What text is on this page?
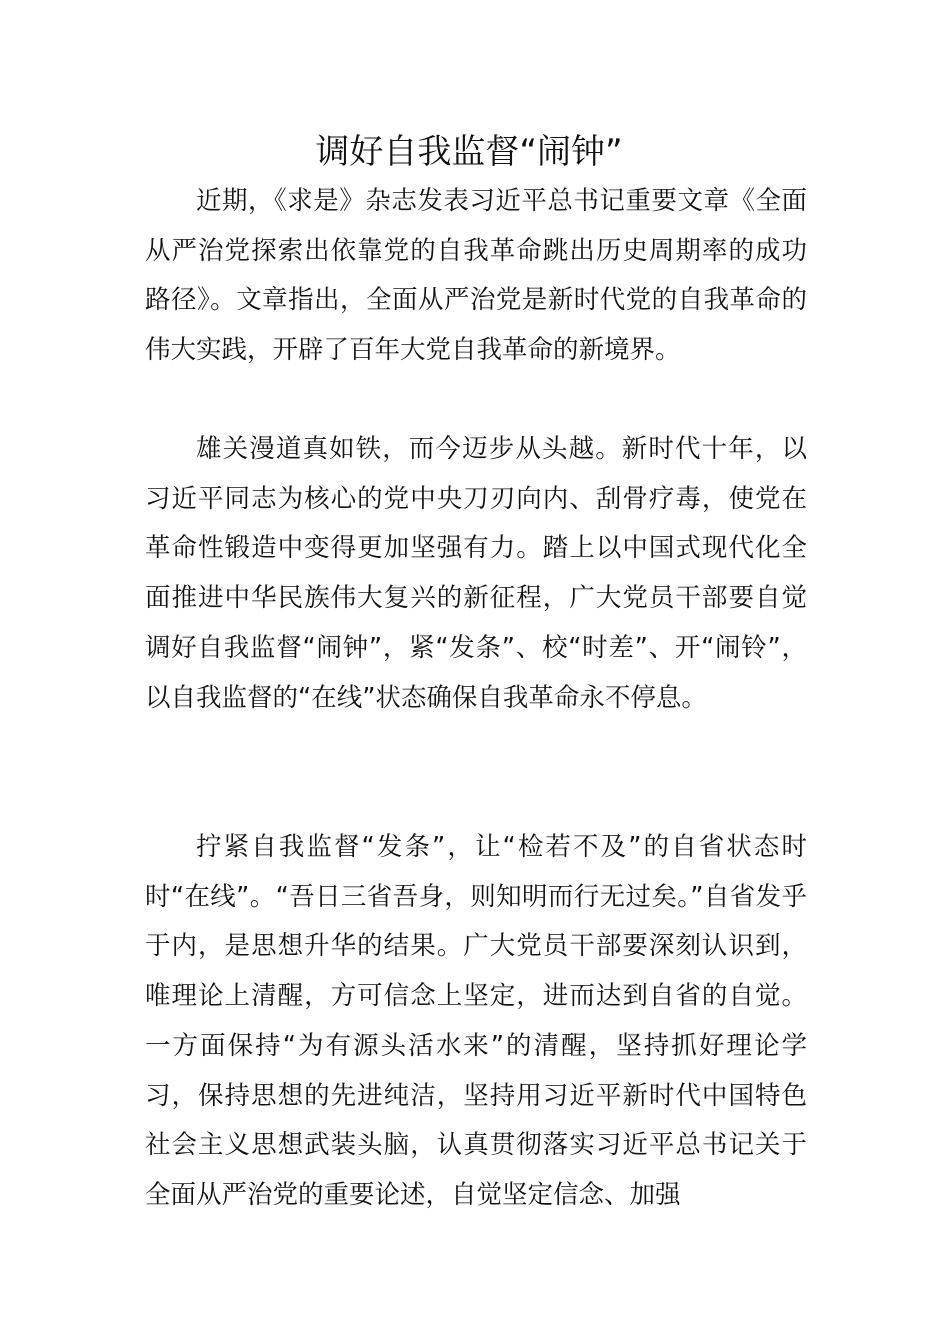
调好自我监督“闹钟”

近期，《求是》杂志发表习近平总书记重要文章《全面从严治党探索出依靠党的自我革命跳出历史周期率的成功路径》。文章指出，全面从严治党是新时代党的自我革命的伟大实践，开辟了百年大党自我革命的新境界。

雄关漫道真如铁，而今迈步从头越。新时代十年，以习近平同志为核心的党中央刀刃向内、刮骨疗毒，使党在革命性锻造中变得更加坚强有力。踏上以中国式现代化全面推进中华民族伟大复兴的新征程，广大党员干部要自觉调好自我监督“闹钟”，紧“发条”、校“时差”、开“闹铃”，以自我监督的“在线”状态确保自我革命永不停息。

拧紧自我监督“发条”，让“检若不及”的自省状态时时“在线”。“吾日三省吾身，则知明而行无过矣。”自省发乎于内，是思想升华的结果。广大党员干部要深刻认识到，唯理论上清醒，方可信念上坚定，进而达到自省的自觉。一方面保持“为有源头活水来”的清醒，坚持抓好理论学习，保持思想的先进纯洁，坚持用习近平新时代中国特色社会主义思想武装头脑，认真贯彻落实习近平总书记关于全面从严治党的重要论述，自觉坚定信念、加强
